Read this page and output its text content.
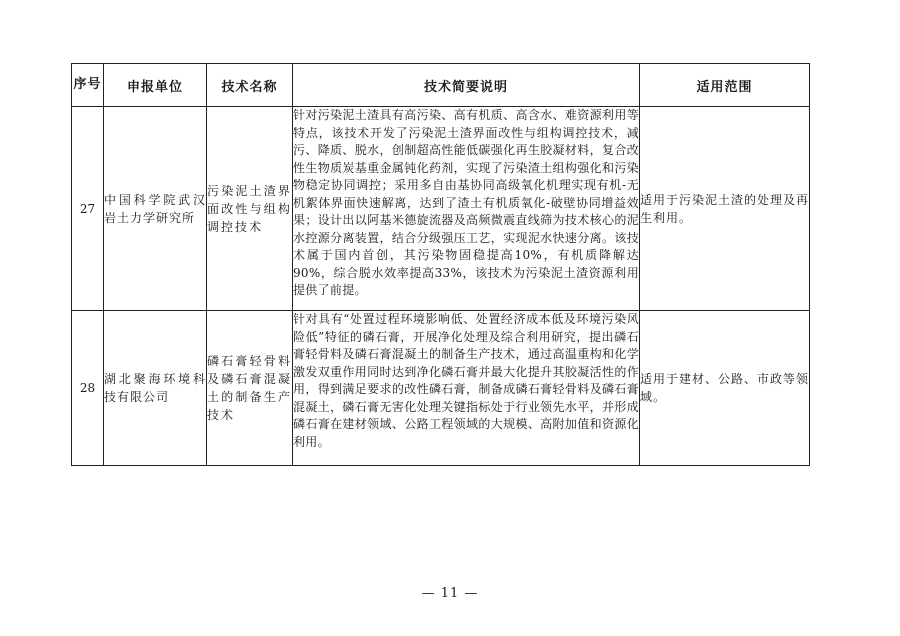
序号	申报单位	技术名称	技术简要说明	适用范围
27	中国科学院武汉岩土力学研究所	污染泥土渣界面改性与组构调控技术	针对污染泥土渣具有高污染、高有机质、高含水、难资源利用等特点，该技术开发了污染泥土渣界面改性与组构调控技术，减污、降质、脱水，创制超高性能低碳强化再生胶凝材料，复合改性生物质炭基重金属钝化药剂，实现了污染渣土组构强化和污染物稳定协同调控；采用多自由基协同高级氧化机理实现有机-无机絮体界面快速解离，达到了渣土有机质氧化-破壁协同增益效果；设计出以阿基米德旋流器及高频微震直线筛为技术核心的泥水控源分离装置，结合分级强压工艺，实现泥水快速分离。该技术属于国内首创，其污染物固稳提高10%，有机质降解达90%，综合脱水效率提高33%，该技术为污染泥土渣资源利用提供了前提。	适用于污染泥土渣的处理及再生利用。
28	湖北聚海环境科技有限公司	磷石膏轻骨料及磷石膏混凝土的制备生产技术	针对具有“处置过程环境影响低、处置经济成本低及环境污染风险低”特征的磷石膏，开展净化处理及综合利用研究，提出磷石膏轻骨料及磷石膏混凝土的制备生产技术，通过高温重构和化学激发双重作用同时达到净化磷石膏并最大化提升其胶凝活性的作用，得到满足要求的改性磷石膏，制备成磷石膏轻骨料及磷石膏混凝土，磷石膏无害化处理关键指标处于行业领先水平，并形成磷石膏在建材领域、公路工程领域的大规模、高附加值和资源化利用。	适用于建材、公路、市政等领域。
— 11 —
